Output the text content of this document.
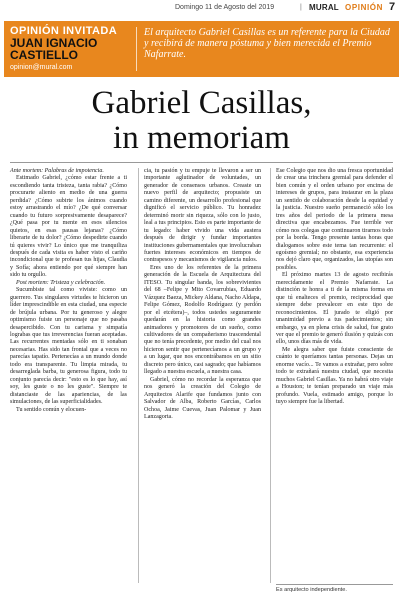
Domingo 11 de Agosto del 2019	| MURAL OPINIÓN 7
OPINIÓN INVITADA
JUAN IGNACIO CASTIELLO
opinion@mural.com
El arquitecto Gabriel Casillas es un referente para la Ciudad y recibirá de manera póstuma y bien merecida el Premio Nafarrate.
Gabriel Casillas,
in memoriam

Ante mortem: Palabras de impotencia.

Estimado Gabriel, ¿cómo estar frente a ti escondiendo tanta tristeza, tanta rabia? ¿Cómo procurarte aliento en medio de una guerra perdida? ¿Cómo subirte los ánimos cuando estoy arrastrando el mío? ¿De qué conversar cuando tu futuro sorpresivamente desaparece? ¿Qué pasa por tu mente en esos silencios quietos, en esas pausas lejanas? ¿Cómo liberarte de tu dolor? ¿Cómo despedirte cuando tú quieres vivir? Lo único que me tranquiliza después de cada visita es haber visto el cariño incondicional que te profesan tus hijas, Claudia y Sofía; ahora entiendo por qué siempre han sido tu orgullo.

Post mortem: Tristeza y celebración.

Sucumbiste tal como viviste: como un guerrero. Tus singulares virtudes te hicieron un líder imprescindible en esta ciudad, una especie de brújula urbana. Por tu generoso y alegre optimismo fuiste un personaje que no pasaba desapercibido. Con tu carisma y simpatía lograbas que tus irreverencias fueran aceptadas. Las recurrentes mentadas sólo en ti sonaban necesarias. Has sido tan frontal que a veces no parecías tapatío. Pertenecías a un mundo donde todo era transparente. Tu limpia mirada, tu desarreglada barba, tu generosa figura, todo tu conjunto parecía decir: "esto es lo que hay, así soy, les guste o no les guste". Siempre te distanciaste de las apariencias, de las simulaciones, de las superficialidades.

Tu sentido común y elocuen-

cia, tu pasión y tu empuje te llevaron a ser un importante aglutinador de voluntades, un generador de consensos urbanos. Creaste un nuevo perfil de arquitecto; propusiste un camino diferente, un desarrollo profesional que dignificó el servicio público. Tu honradez determinó morir sin riqueza, sólo con lo justo, leal a tus principios. Esto es parte importante de tu legado: haber vivido una vida austera después de dirigir y fundar importantes instituciones gubernamentales que involucraban fuertes intereses económicos en tiempos de contrapesos y mecanismos de vigilancia nulos.

Eres uno de los referentes de la primera generación de la Escuela de Arquitectura del ITESO. Tu singular banda, los sobrevivientes del 68 –Felipe y Mito Covarrubias, Eduardo Vázquez Baeza, Mickey Aldana, Nacho Aldapa, Felipe Gómez, Rodolfo Rodríguez (y perdón por el etcétera)–, todos ustedes seguramente quedarán en la historia como grandes animadores y promotores de un sueño, como cultivadores de un compañerismo trascendental que no tenía precedente, por medio del cual nos hicieron sentir que pertenecíamos a un grupo y a un lugar, que nos encontrábamos en un sitio discreto pero único, casi sagrado; que habíamos llegado a nuestra escuela, a nuestra casa.

Gabriel, cómo no recordar la esperanza que nos generó la creación del Colegio de Arquitectos Alarife que fundamos junto con Salvador de Alba, Roberto Garcías, Carlos Ochoa, Jaime Cuevas, Juan Palomar y Juan Lanzagorta.

Ese Colegio que nos dio una fresca oportunidad de crear una trinchera gremial para defender el bien común y el orden urbano por encima de intereses de grupos, para instaurar en la plaza un sentido de colaboración desde la equidad y la justicia. Nuestro sueño permaneció sólo los tres años del periodo de la primera mesa directiva que encabezamos. Fue terrible ver cómo nos colegas que continuaron tirarnos todo por la borda. Tengo presente tantas horas que dialogamos sobre este tema tan recurrente: el egoísmo gremial; no obstante, esa experiencia nos dejó claro que, organizados, las utopías son posibles.

El próximo martes 13 de agosto recibirás merecidamente el Premio Nafarrate. La distinción te honra a ti de la misma forma en que tú enalteces el premio, reciprocidad que siempre debe prevalecer en este tipo de reconocimientos. El jurado te eligió por unanimidad previo a tus padecimientos; sin embargo, ya en plena crisis de salud, fue grato ver que el premio te generó ilusión y quizás con ello, unos días más de vida.

Me alegra saber que fuiste consciente de cuánto te queríamos tantas personas. Dejas un enorme vacío... Te vamos a extrañar, pero sobre todo te extrañará nuestra ciudad, que necesita muchos Gabriel Casillas. Ya no habrá otro viaje a Houston; te tenían preparado un viaje más profundo. Vuela, estimado amigo, porque lo tuyo siempre fue la libertad.

Es arquitecto independiente.
